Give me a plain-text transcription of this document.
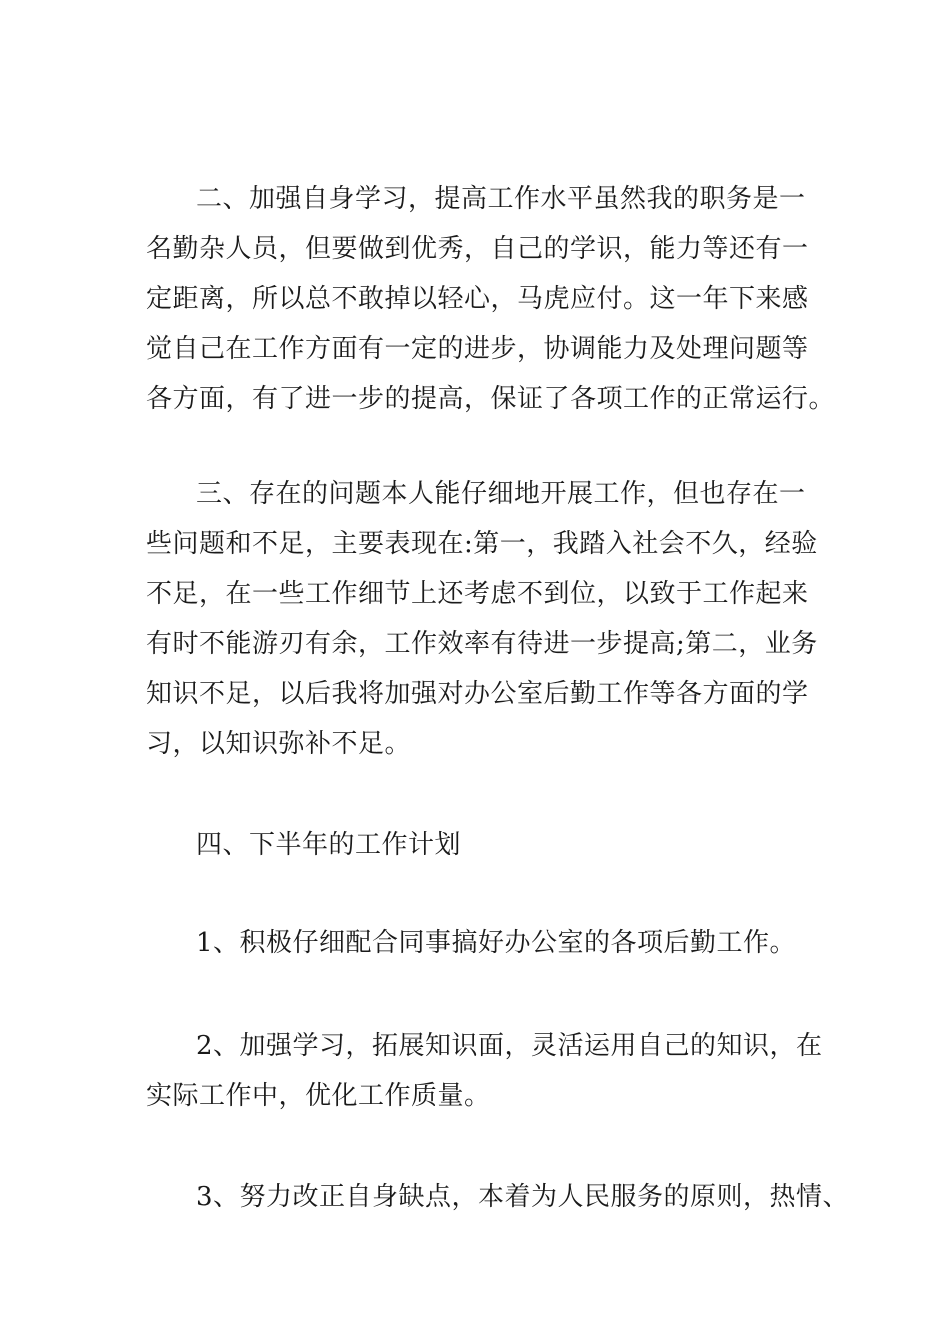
二、加强自身学习，提高工作水平虽然我的职务是一
名勤杂人员，但要做到优秀，自己的学识，能力等还有一
定距离，所以总不敢掉以轻心，马虎应付。这一年下来感
觉自己在工作方面有一定的进步，协调能力及处理问题等
各方面，有了进一步的提高，保证了各项工作的正常运行。
三、存在的问题本人能仔细地开展工作，但也存在一
些问题和不足，主要表现在:第一，我踏入社会不久，经验
不足，在一些工作细节上还考虑不到位，以致于工作起来
有时不能游刃有余，工作效率有待进一步提高;第二，业务
知识不足，以后我将加强对办公室后勤工作等各方面的学
习，以知识弥补不足。
四、下半年的工作计划
1、积极仔细配合同事搞好办公室的各项后勤工作。
2、加强学习，拓展知识面，灵活运用自己的知识，在
实际工作中，优化工作质量。
3、努力改正自身缺点，本着为人民服务的原则，热情、
